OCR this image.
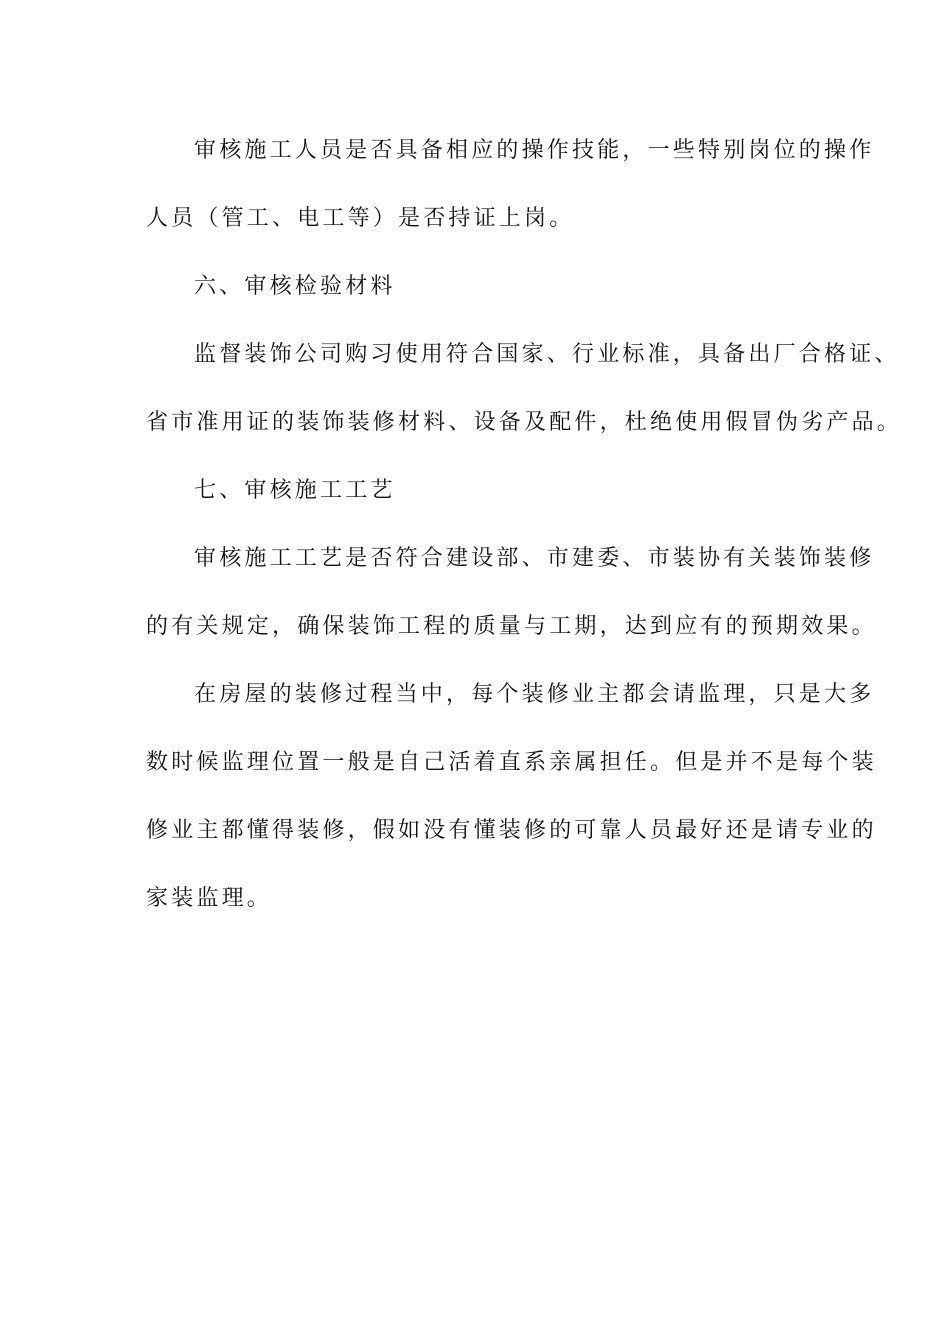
审核施工人员是否具备相应的操作技能，一些特别岗位的操作

人员（管工、电工等）是否持证上岗。

六、审核检验材料

监督装饰公司购习使用符合国家、行业标准，具备出厂合格证、

省市准用证的装饰装修材料、设备及配件，杜绝使用假冒伪劣产品。

七、审核施工工艺

审核施工工艺是否符合建设部、市建委、市装协有关装饰装修

的有关规定，确保装饰工程的质量与工期，达到应有的预期效果。

在房屋的装修过程当中，每个装修业主都会请监理，只是大多

数时候监理位置一般是自己活着直系亲属担任。但是并不是每个装

修业主都懂得装修，假如没有懂装修的可靠人员最好还是请专业的

家装监理。
